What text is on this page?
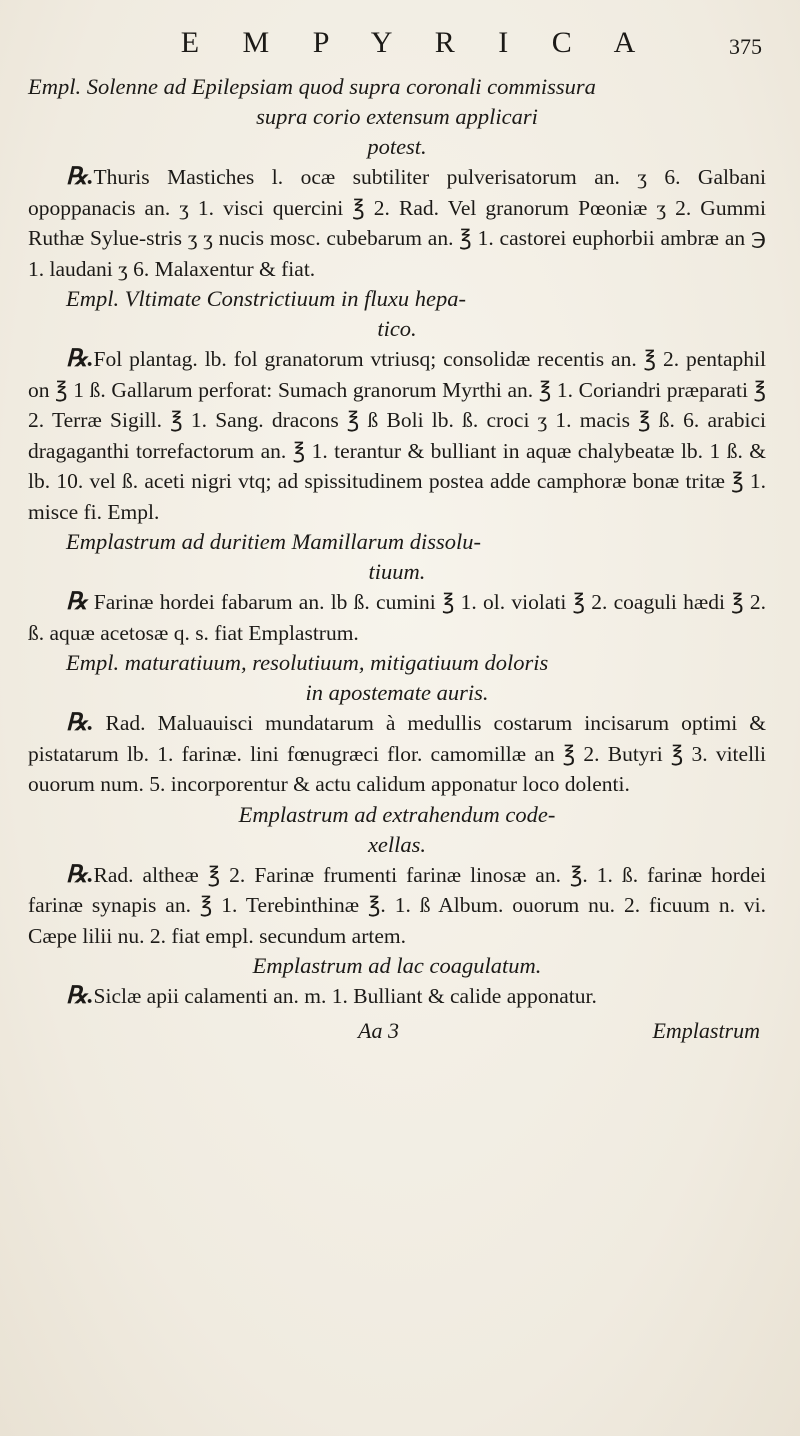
E M P Y R I C A	375

Empl. Solenne ad Epilepsiam quod supra coronali commissura

supra corio extensum applicari

potest.

℞.Thuris Mastiches l. ocæ subtiliter pulverisatorum an. ʒ 6. Galbani opoppanacis an. ʒ 1. visci quercini ℥ 2. Rad. Vel granorum Pœoniæ ʒ 2. Gummi Ruthæ Sylue-stris ʒ ʒ nucis mosc. cubebarum an. ℥ 1. castorei euphorbii ambræ an ℈ 1. laudani ʒ 6. Malaxentur & fiat.

Empl. Vltimate Constrictiuum in fluxu hepa-

tico.

℞.Fol plantag. lb. fol granatorum vtriusq; consolidæ recentis an. ℥ 2. pentaphil on ℥ 1 ß. Gallarum perforat: Sumach granorum Myrthi an. ℥ 1. Coriandri præparati ℥ 2. Terræ Sigill. ℥ 1. Sang. dracons ℥ ß Boli lb. ß. croci ʒ 1. macis ℥ ß. 6. arabici dragaganthi torrefactorum an. ℥ 1. terantur & bulliant in aquæ chalybeatæ lb. 1 ß. & lb. 10. vel ß. aceti nigri vtq; ad spissitudinem postea adde camphoræ bonæ tritæ ℥ 1. misce fi. Empl.

Emplastrum ad duritiem Mamillarum dissolu-

tiuum.

℞ Farinæ hordei fabarum an. lb ß. cumini ℥ 1. ol. violati ℥ 2. coaguli hædi ℥ 2. ß. aquæ acetosæ q. s. fiat Emplastrum.

Empl. maturatiuum, resolutiuum, mitigatiuum doloris

in apostemate auris.

℞. Rad. Maluauisci mundatarum à medullis costarum incisarum optimi & pistatarum lb. 1. farinæ. lini fœnugræci flor. camomillæ an ℥ 2. Butyri ℥ 3. vitelli ouorum num. 5. incorporentur & actu calidum apponatur loco dolenti.

Emplastrum ad extrahendum code-

xellas.

℞.Rad. altheæ ℥ 2. Farinæ frumenti farinæ linosæ an. ℥. 1. ß. farinæ hordei farinæ synapis an. ℥ 1. Terebinthinæ ℥. 1. ß Album. ouorum nu. 2. ficuum n. vi. Cæpe lilii nu. 2. fiat empl. secundum artem.

Emplastrum ad lac coagulatum.

℞.Siclæ apii calamenti an. m. 1. Bulliant & calide apponatur.

Aa 3	Emplastrum
